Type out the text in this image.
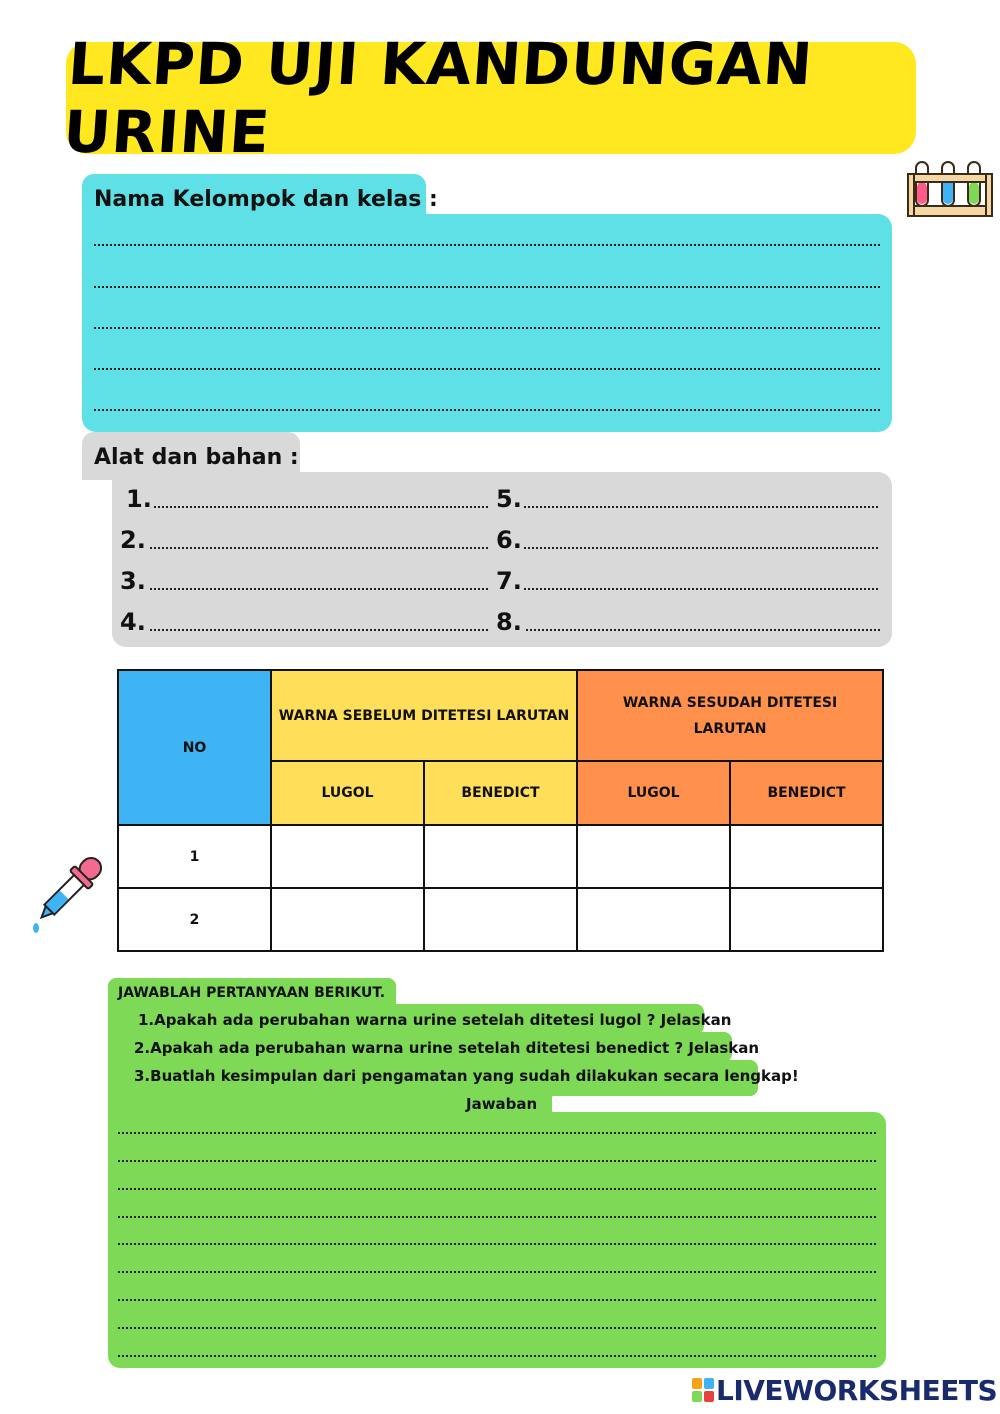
LKPD UJI KANDUNGAN URINE
Nama Kelompok dan kelas :
1.
2.
3.
4.
5.
6.
7.
8.
Alat dan bahan :
NO	WARNA SEBELUM DITETESI LARUTAN		WARNA SESUDAH DITETESI LARUTAN	
	LUGOL	BENEDICT	LUGOL	BENEDICT
1				
2				
JAWABLAH PERTANYAAN BERIKUT.
1.Apakah ada perubahan warna urine setelah ditetesi lugol ? Jelaskan
2.Apakah ada perubahan warna urine setelah ditetesi benedict ? Jelaskan
3.Buatlah kesimpulan dari pengamatan yang sudah dilakukan secara lengkap!
Jawaban
LIVEWORKSHEETS
